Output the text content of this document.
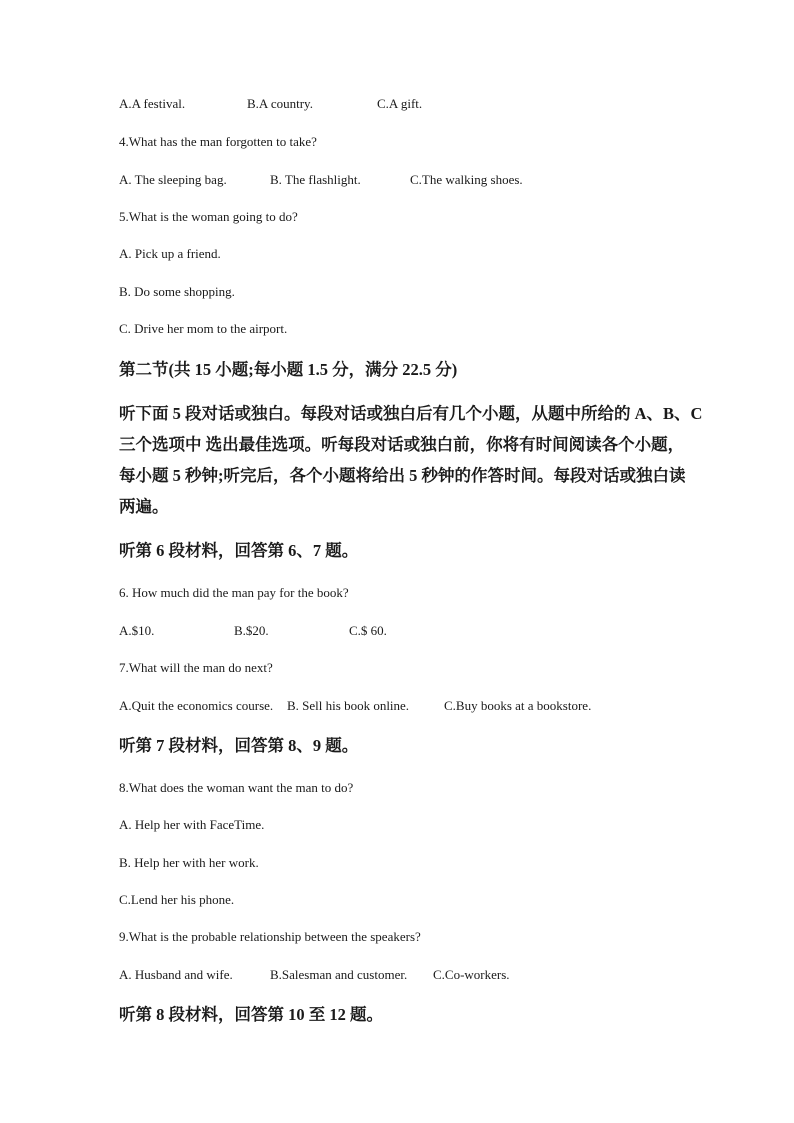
A.A festival.	B.A country.	C.A gift.
4.What has the man forgotten to take?
A. The sleeping bag.	B. The flashlight.	C.The walking shoes.
5.What is the woman going to do?
A. Pick up a friend.
B. Do some shopping.
C. Drive her mom to the airport.
第二节(共 15 小题;每小题 1.5 分，满分 22.5 分)
听下面 5 段对话或独白。每段对话或独白后有几个小题，从题中所给的 A、B、C
三个选项中 选出最佳选项。听每段对话或独白前，你将有时间阅读各个小题，
每小题 5 秒钟;听完后，各个小题将给出 5 秒钟的作答时间。每段对话或独白读
两遍。
听第 6 段材料，回答第 6、7 题。
6. How much did the man pay for the book?
A.$10.	B.$20.	C.$ 60.
7.What will the man do next?
A.Quit the economics course. B. Sell his book online.	C.Buy books at a bookstore.
听第 7 段材料，回答第 8、9 题。
8.What does the woman want the man to do?
A. Help her with FaceTime.
B. Help her with her work.
C.Lend her his phone.
9.What is the probable relationship between the speakers?
A. Husband and wife.	B.Salesman and customer. C.Co-workers.
听第 8 段材料，回答第 10 至 12 题。
